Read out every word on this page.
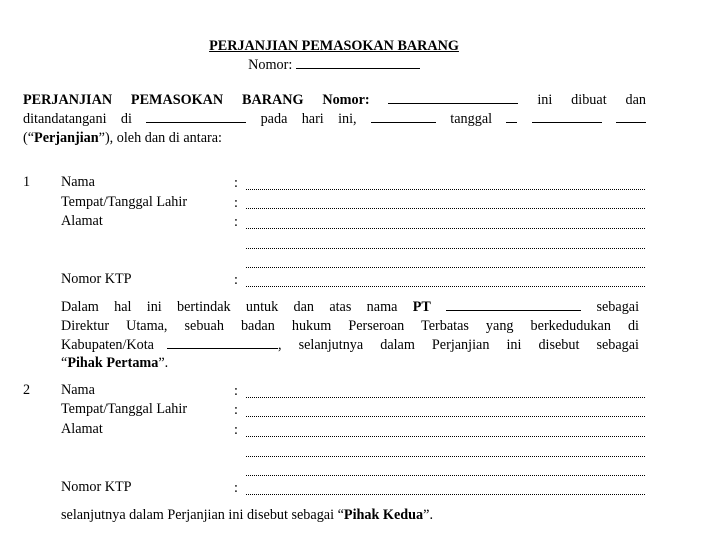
PERJANJIAN PEMASOKAN BARANG
Nomor:
PERJANJIAN PEMASOKAN BARANG Nomor:	ini dibuat dan
ditandatangani di	pada hari ini,	tanggal
(“Perjanjian”), oleh dan di antara:
1 Nama	:
Tempat/Tanggal Lahir	:
Alamat	:
Nomor KTP	:
Dalam hal ini bertindak untuk dan atas nama PT	sebagai
Direktur Utama, sebuah badan hukum Perseroan Terbatas yang berkedudukan di
Kabupaten/Kota	, selanjutnya dalam Perjanjian ini disebut sebagai
“Pihak Pertama”.
2 Nama	:
Tempat/Tanggal Lahir	:
Alamat	:
Nomor KTP	:
selanjutnya dalam Perjanjian ini disebut sebagai “Pihak Kedua”.
